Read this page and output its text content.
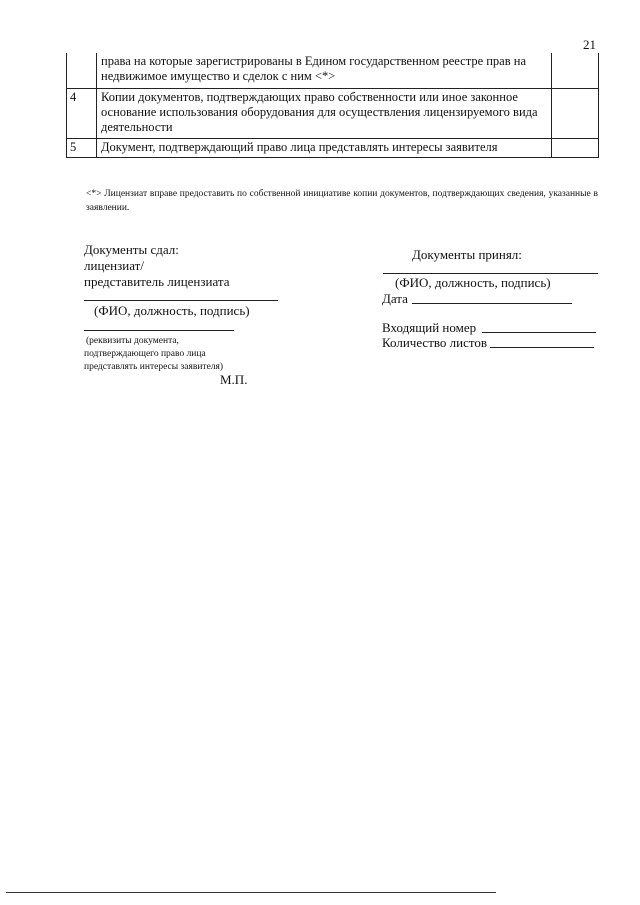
21
	права на которые зарегистрированы в Едином государственном реестре прав на недвижимое имущество и сделок с ним <*>	
4	Копии документов, подтверждающих право собственности или иное законное основание использования оборудования для осуществления лицензируемого вида деятельности	
5	Документ, подтверждающий право лица представлять интересы заявителя	
<*> Лицензиат вправе предоставить по собственной инициативе копии документов, подтверждающих сведения, указанные в заявлении.
Документы сдал:
лицензиат/
представитель лицензиата
(ФИО, должность, подпись)
(реквизиты документа,
подтверждающего право лица
представлять интересы заявителя)
М.П.
Документы принял:
(ФИО, должность, подпись)
Дата
Входящий номер
Количество листов
